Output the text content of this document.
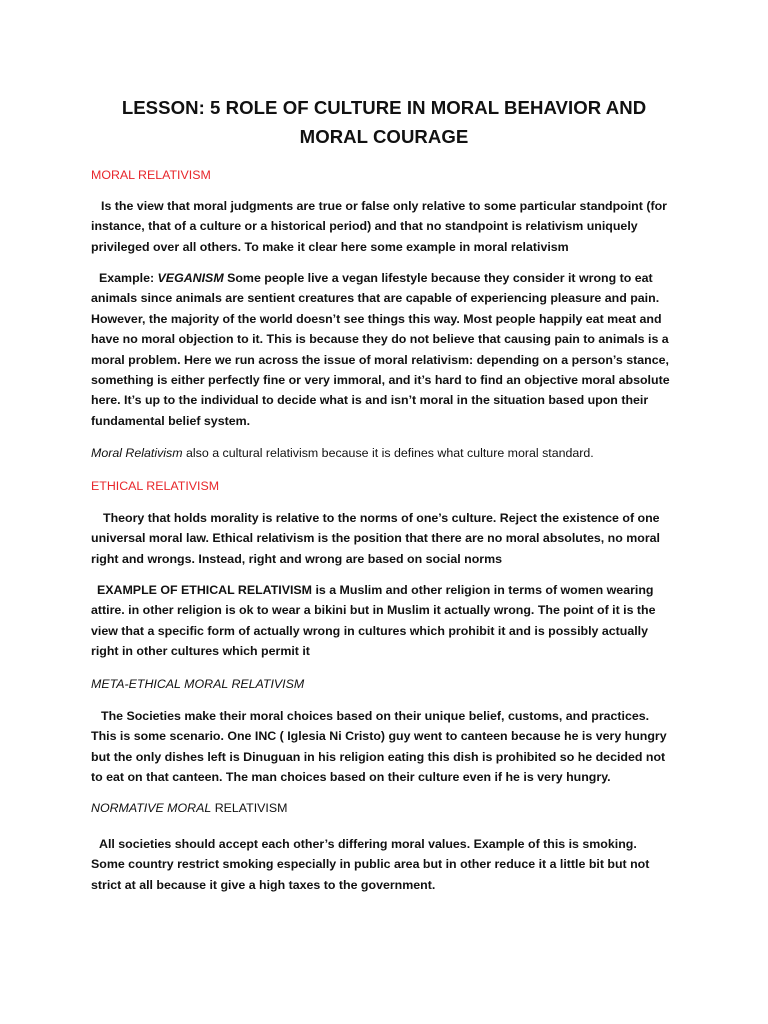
LESSON: 5 ROLE OF CULTURE IN MORAL BEHAVIOR AND MORAL COURAGE
MORAL RELATIVISM

Is the view that moral judgments are true or false only relative to some particular standpoint (for instance, that of a culture or a historical period) and that no standpoint is relativism uniquely privileged over all others. To make it clear here some example in moral relativism

Example: VEGANISM Some people live a vegan lifestyle because they consider it wrong to eat animals since animals are sentient creatures that are capable of experiencing pleasure and pain. However, the majority of the world doesn’t see things this way. Most people happily eat meat and have no moral objection to it. This is because they do not believe that causing pain to animals is a moral problem. Here we run across the issue of moral relativism: depending on a person’s stance, something is either perfectly fine or very immoral, and it’s hard to find an objective moral absolute here. It’s up to the individual to decide what is and isn’t moral in the situation based upon their fundamental belief system.

Moral Relativism also a cultural relativism because it is defines what culture moral standard.
ETHICAL RELATIVISM

Theory that holds morality is relative to the norms of one’s culture. Reject the existence of one universal moral law. Ethical relativism is the position that there are no moral absolutes, no moral right and wrongs. Instead, right and wrong are based on social norms

EXAMPLE OF ETHICAL RELATIVISM is a Muslim and other religion in terms of women wearing attire. in other religion is ok to wear a bikini but in Muslim it actually wrong. The point of it is the view that a specific form of actually wrong in cultures which prohibit it and is possibly actually right in other cultures which permit it

META-ETHICAL MORAL RELATIVISM

The Societies make their moral choices based on their unique belief, customs, and practices. This is some scenario. One INC ( Iglesia Ni Cristo) guy went to canteen because he is very hungry but the only dishes left is Dinuguan in his religion eating this dish is prohibited so he decided not to eat on that canteen. The man choices based on their culture even if he is very hungry.

NORMATIVE MORAL RELATIVISM

All societies should accept each other’s differing moral values. Example of this is smoking. Some country restrict smoking especially in public area but in other reduce it a little bit but not strict at all because it give a high taxes to the government.
